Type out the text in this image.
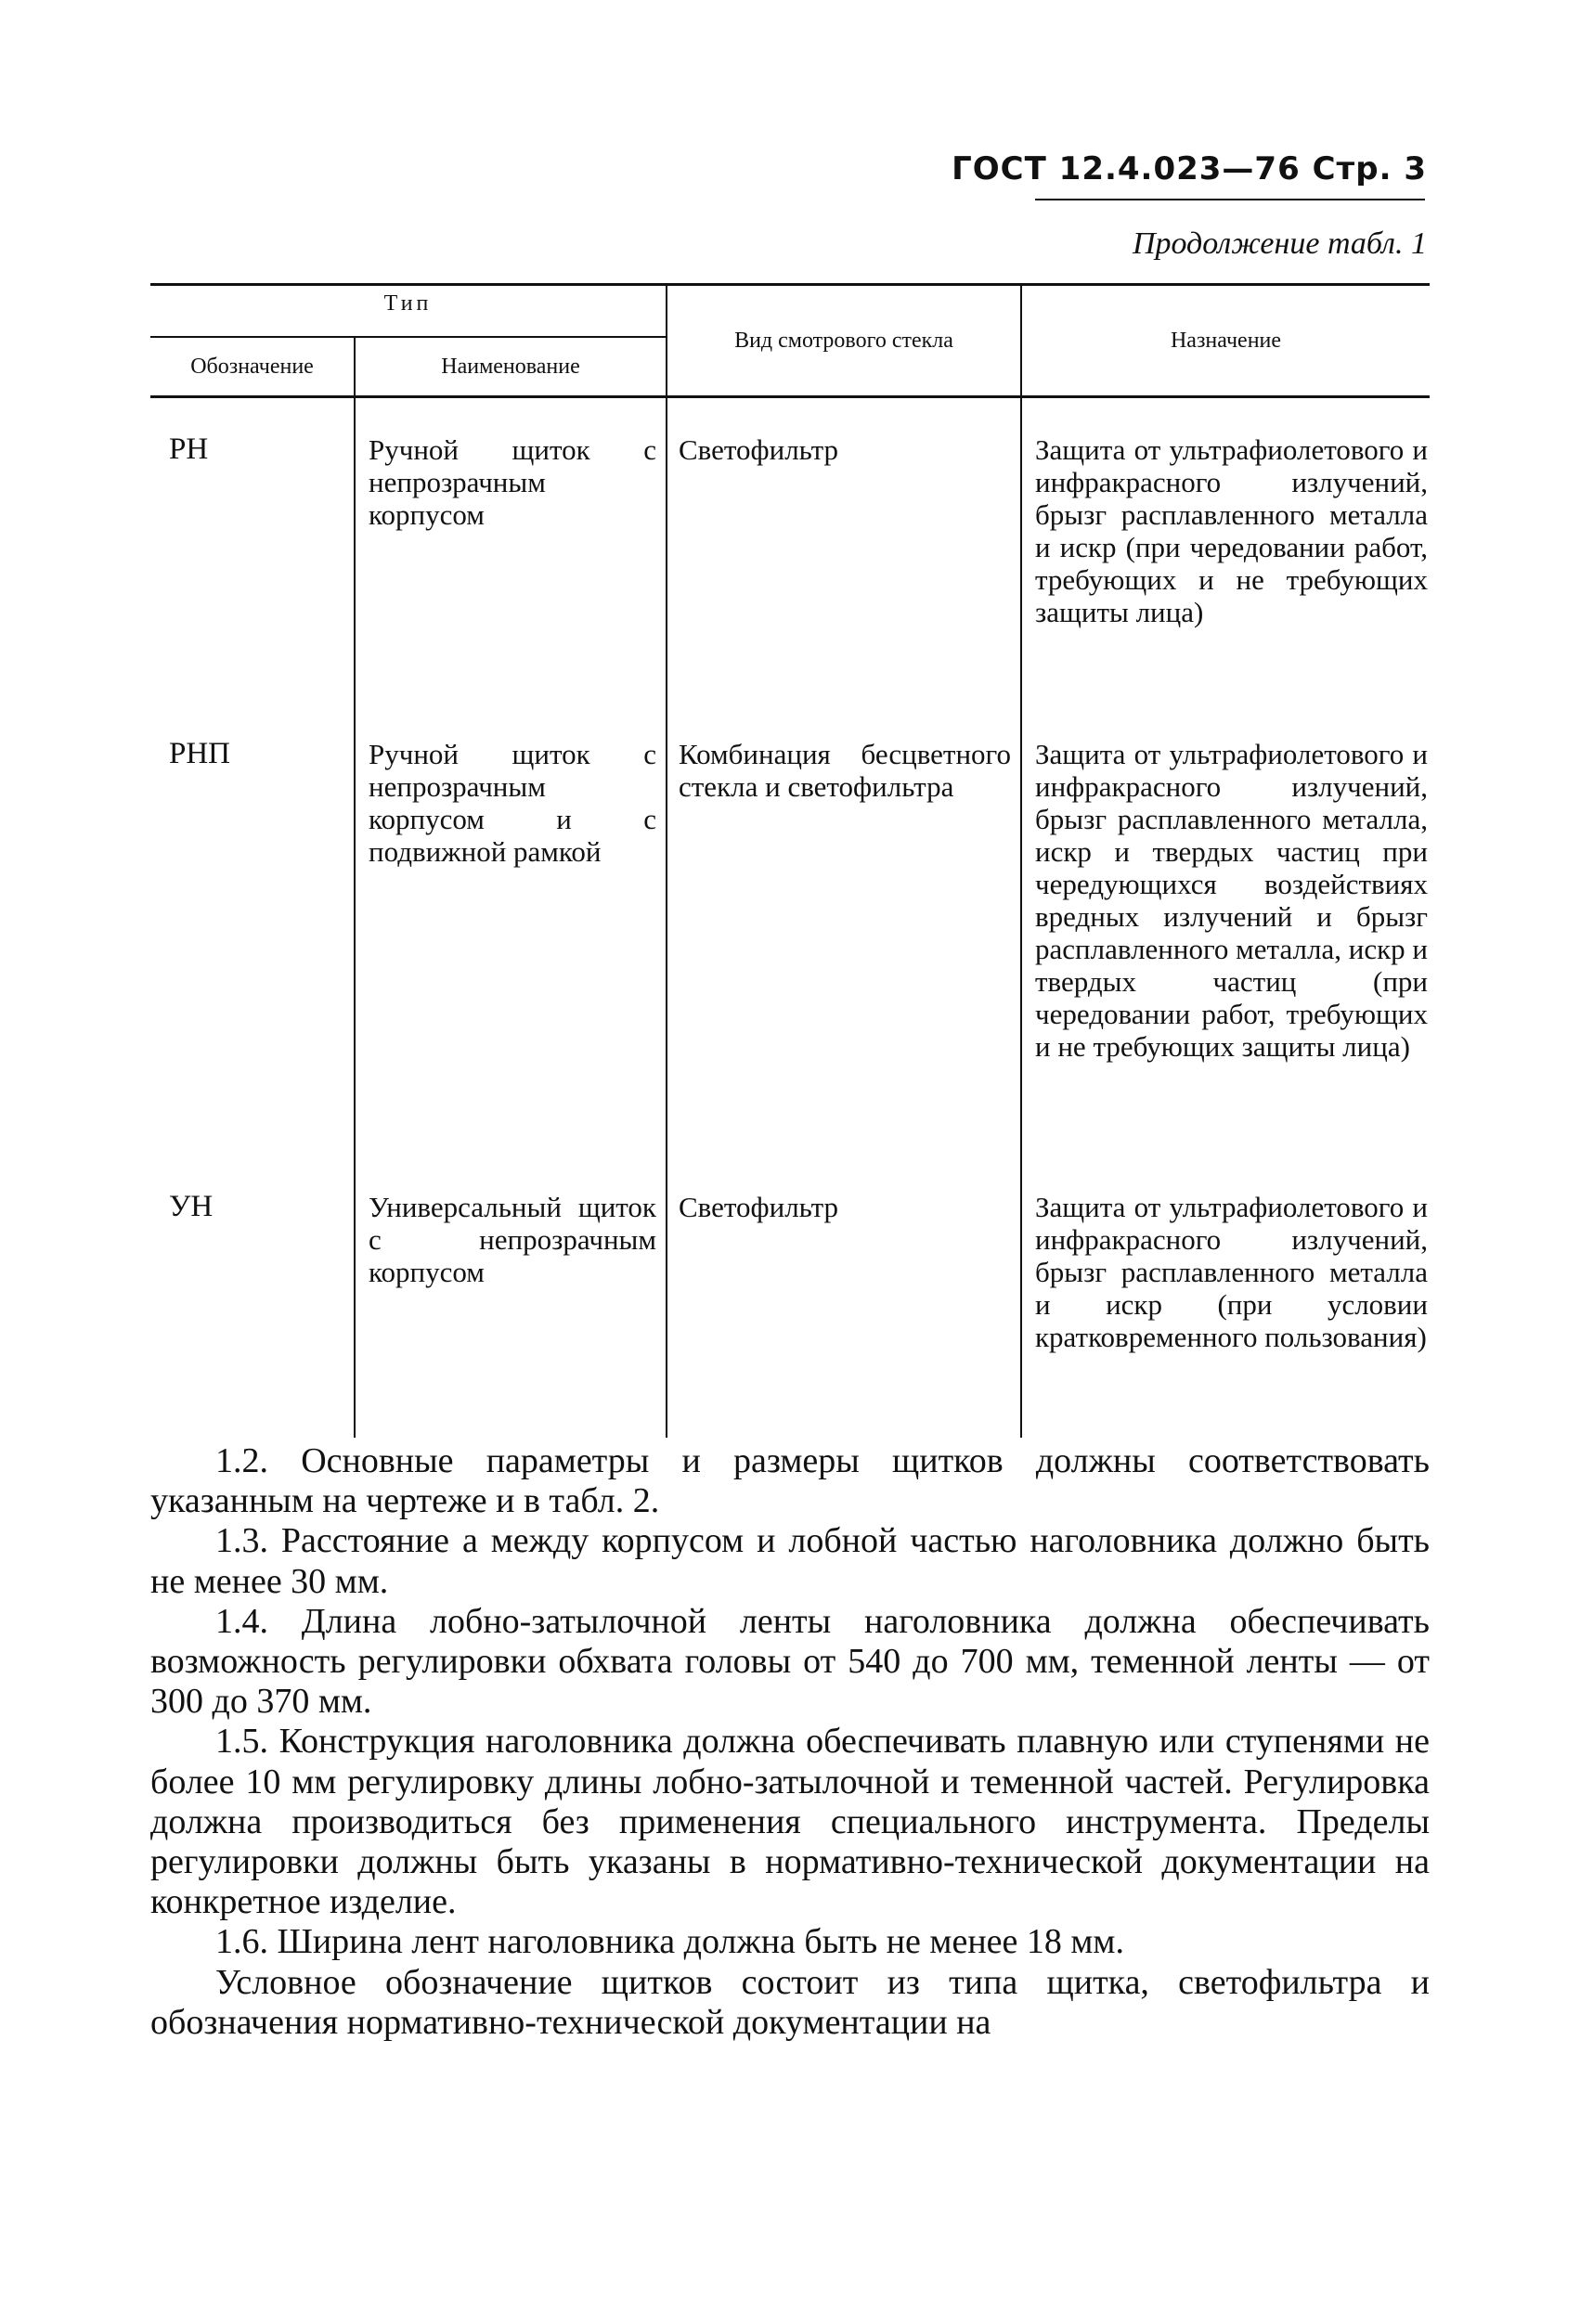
ГОСТ 12.4.023—76 Стр. 3
Продолжение табл. 1
Тип		Вид смотрового стекла	Назначение
Обозначение	Наименование		
РН	Ручной щиток с непрозрачным корпусом	Светофильтр	Защита от ультрафиолетового и инфракрасного излучений, брызг расплавленного металла и искр (при чередовании работ, требующих и не требующих защиты лица)
РНП	Ручной щиток с непрозрачным корпусом и с подвижной рамкой	Комбинация бесцветного стекла и светофильтра	Защита от ультрафиолетового и инфракрасного излучений, брызг расплавленного металла, искр и твердых частиц при чередующихся воздействиях вредных излучений и брызг расплавленного металла, искр и твердых частиц (при чередовании работ, требующих и не требующих защиты лица)
УН	Универсальный щиток с непрозрачным корпусом	Светофильтр	Защита от ультрафиолетового и инфракрасного излучений, брызг расплавленного металла и искр (при условии кратковременного пользования)

1.2. Основные параметры и размеры щитков должны соответствовать указанным на чертеже и в табл. 2.

1.3. Расстояние а между корпусом и лобной частью наголовника должно быть не менее 30 мм.

1.4. Длина лобно-затылочной ленты наголовника должна обеспечивать возможность регулировки обхвата головы от 540 до 700 мм, теменной ленты — от 300 до 370 мм.

1.5. Конструкция наголовника должна обеспечивать плавную или ступенями не более 10 мм регулировку длины лобно-затылочной и теменной частей. Регулировка должна производиться без применения специального инструмента. Пределы регулировки должны быть указаны в нормативно-технической документации на конкретное изделие.

1.6. Ширина лент наголовника должна быть не менее 18 мм.

Условное обозначение щитков состоит из типа щитка, светофильтра и обозначения нормативно-технической документации на
